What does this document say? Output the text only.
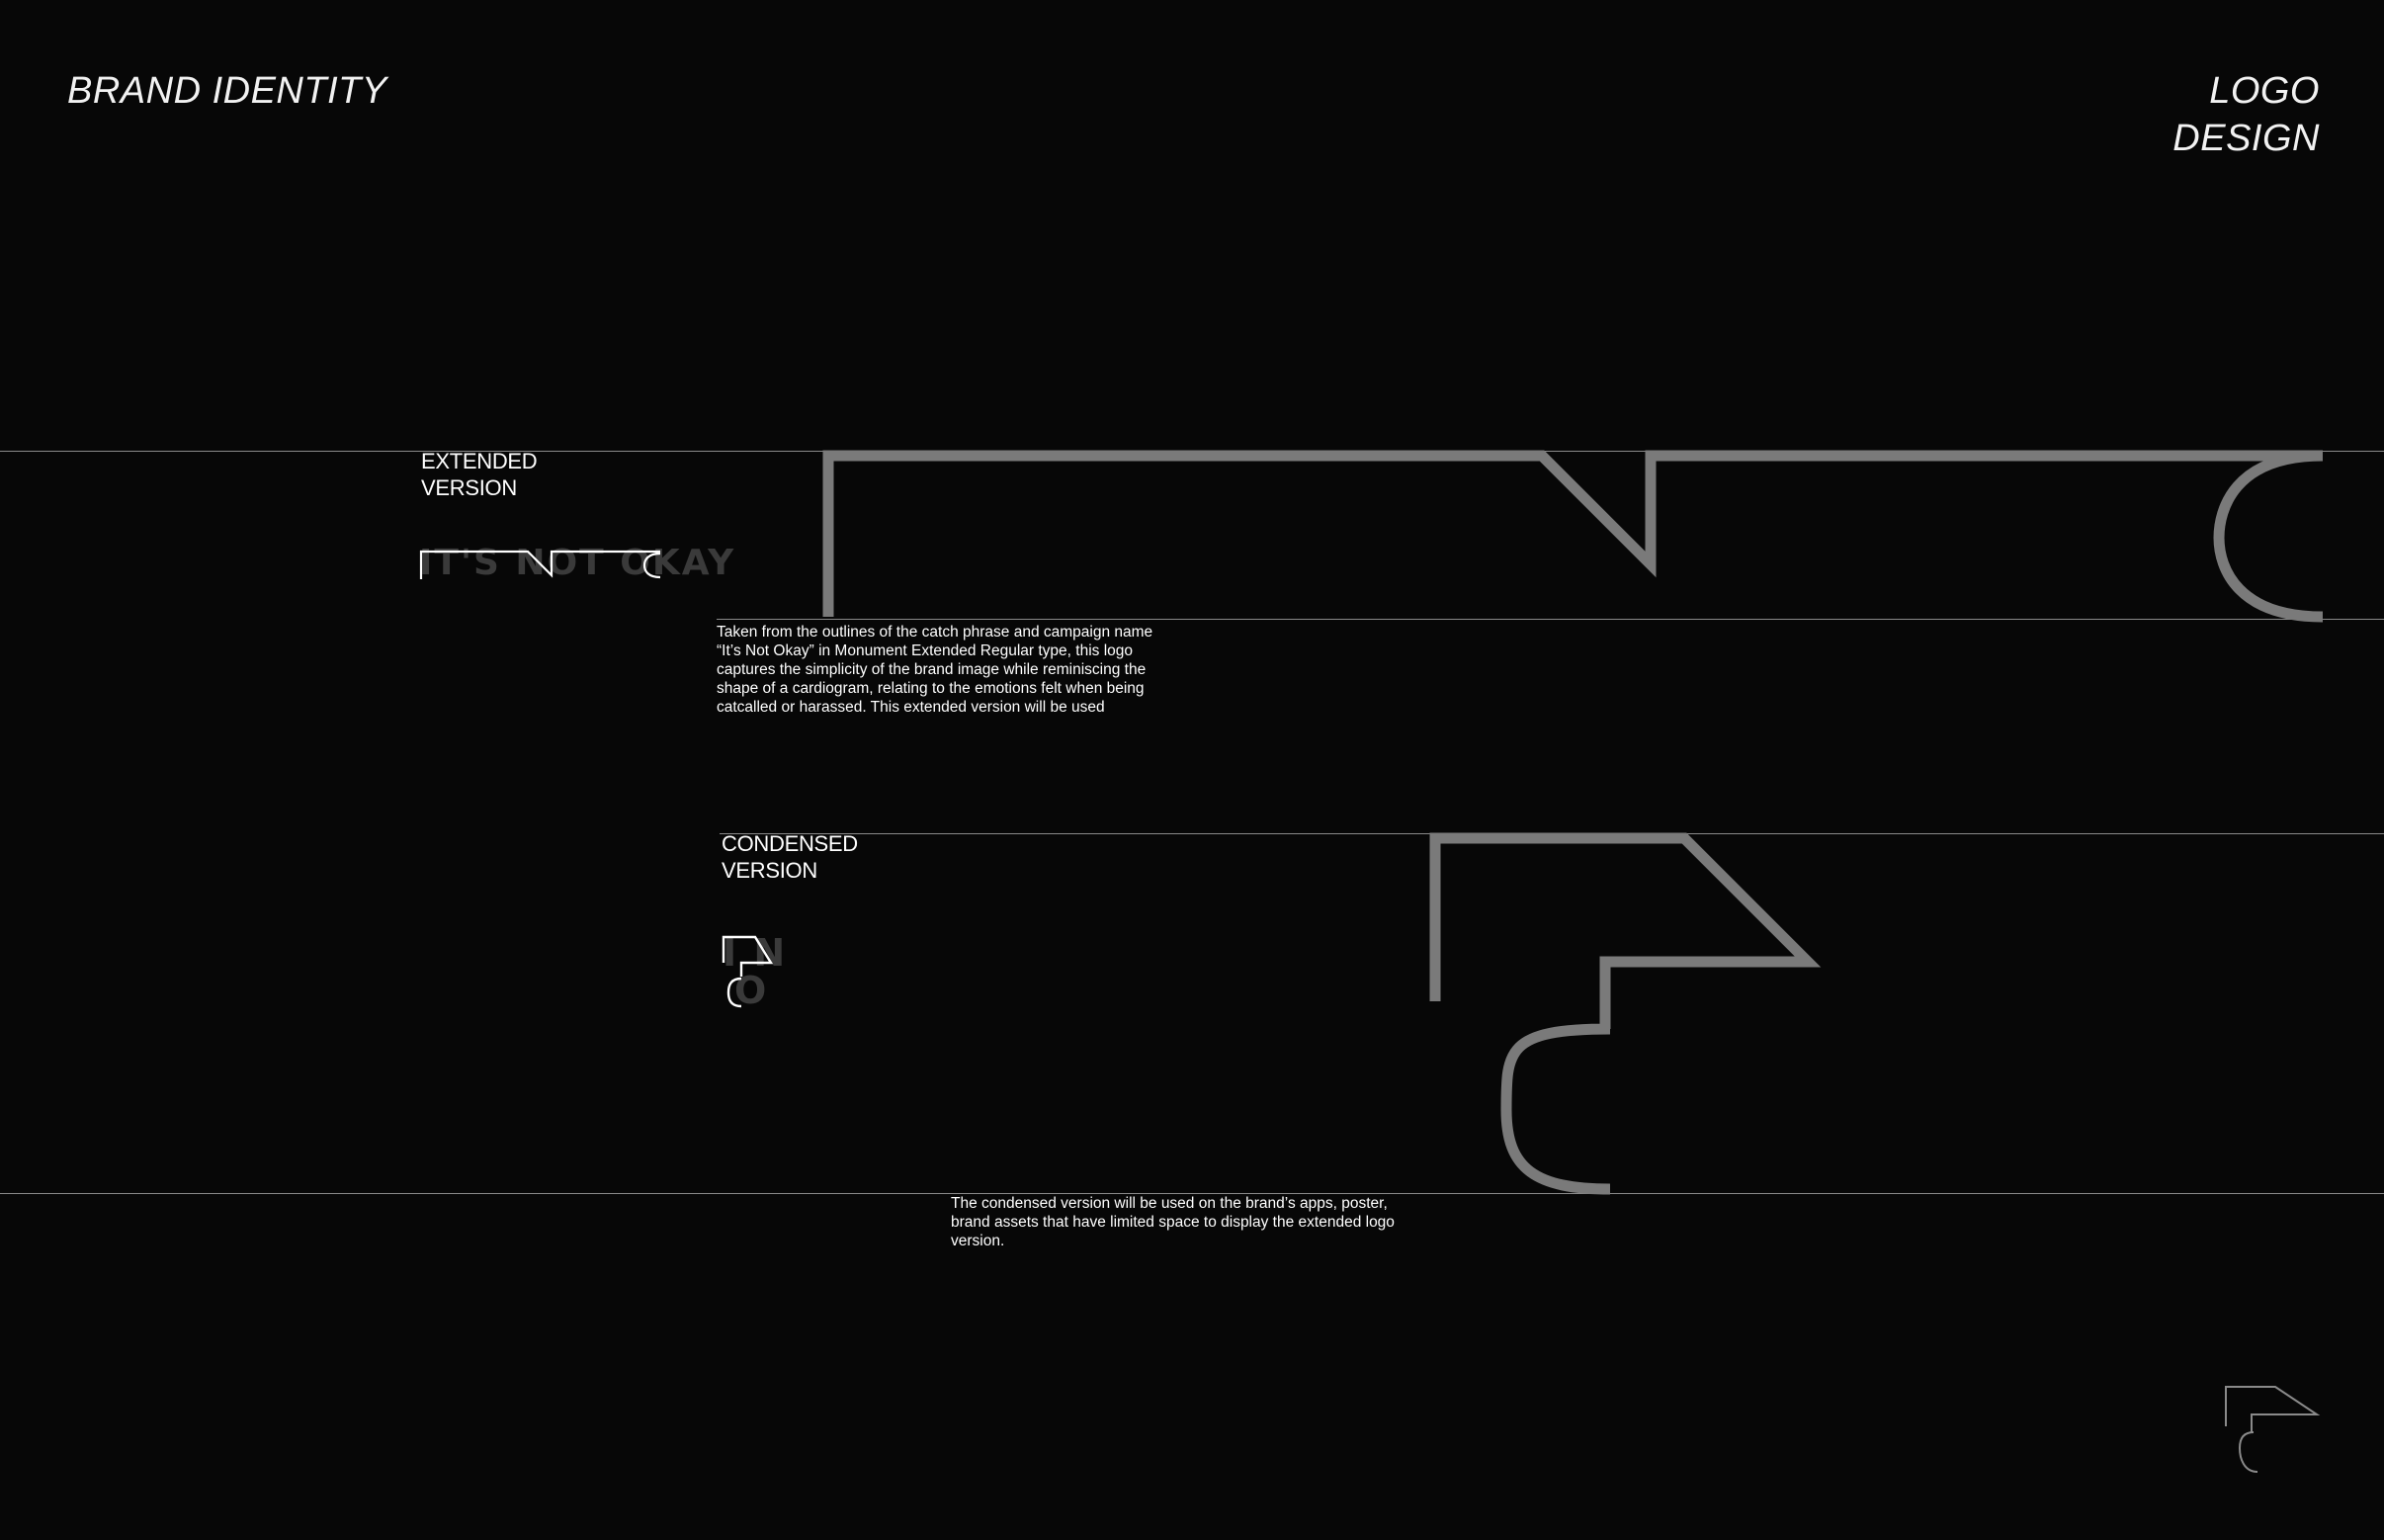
BRAND IDENTITY	LOGO
DESIGN
EXTENDED
VERSION
IT'S NOT OKAY
Taken from the outlines of the catch phrase and campaign name
“It’s Not Okay” in Monument Extended Regular type, this logo
captures the simplicity of the brand image while reminiscing the
shape of a cardiogram, relating to the emotions felt when being
catcalled or harassed. This extended version will be used
CONDENSED
VERSION
I N
O
The condensed version will be used on the brand’s apps, poster,
brand assets that have limited space to display the extended logo
version.
